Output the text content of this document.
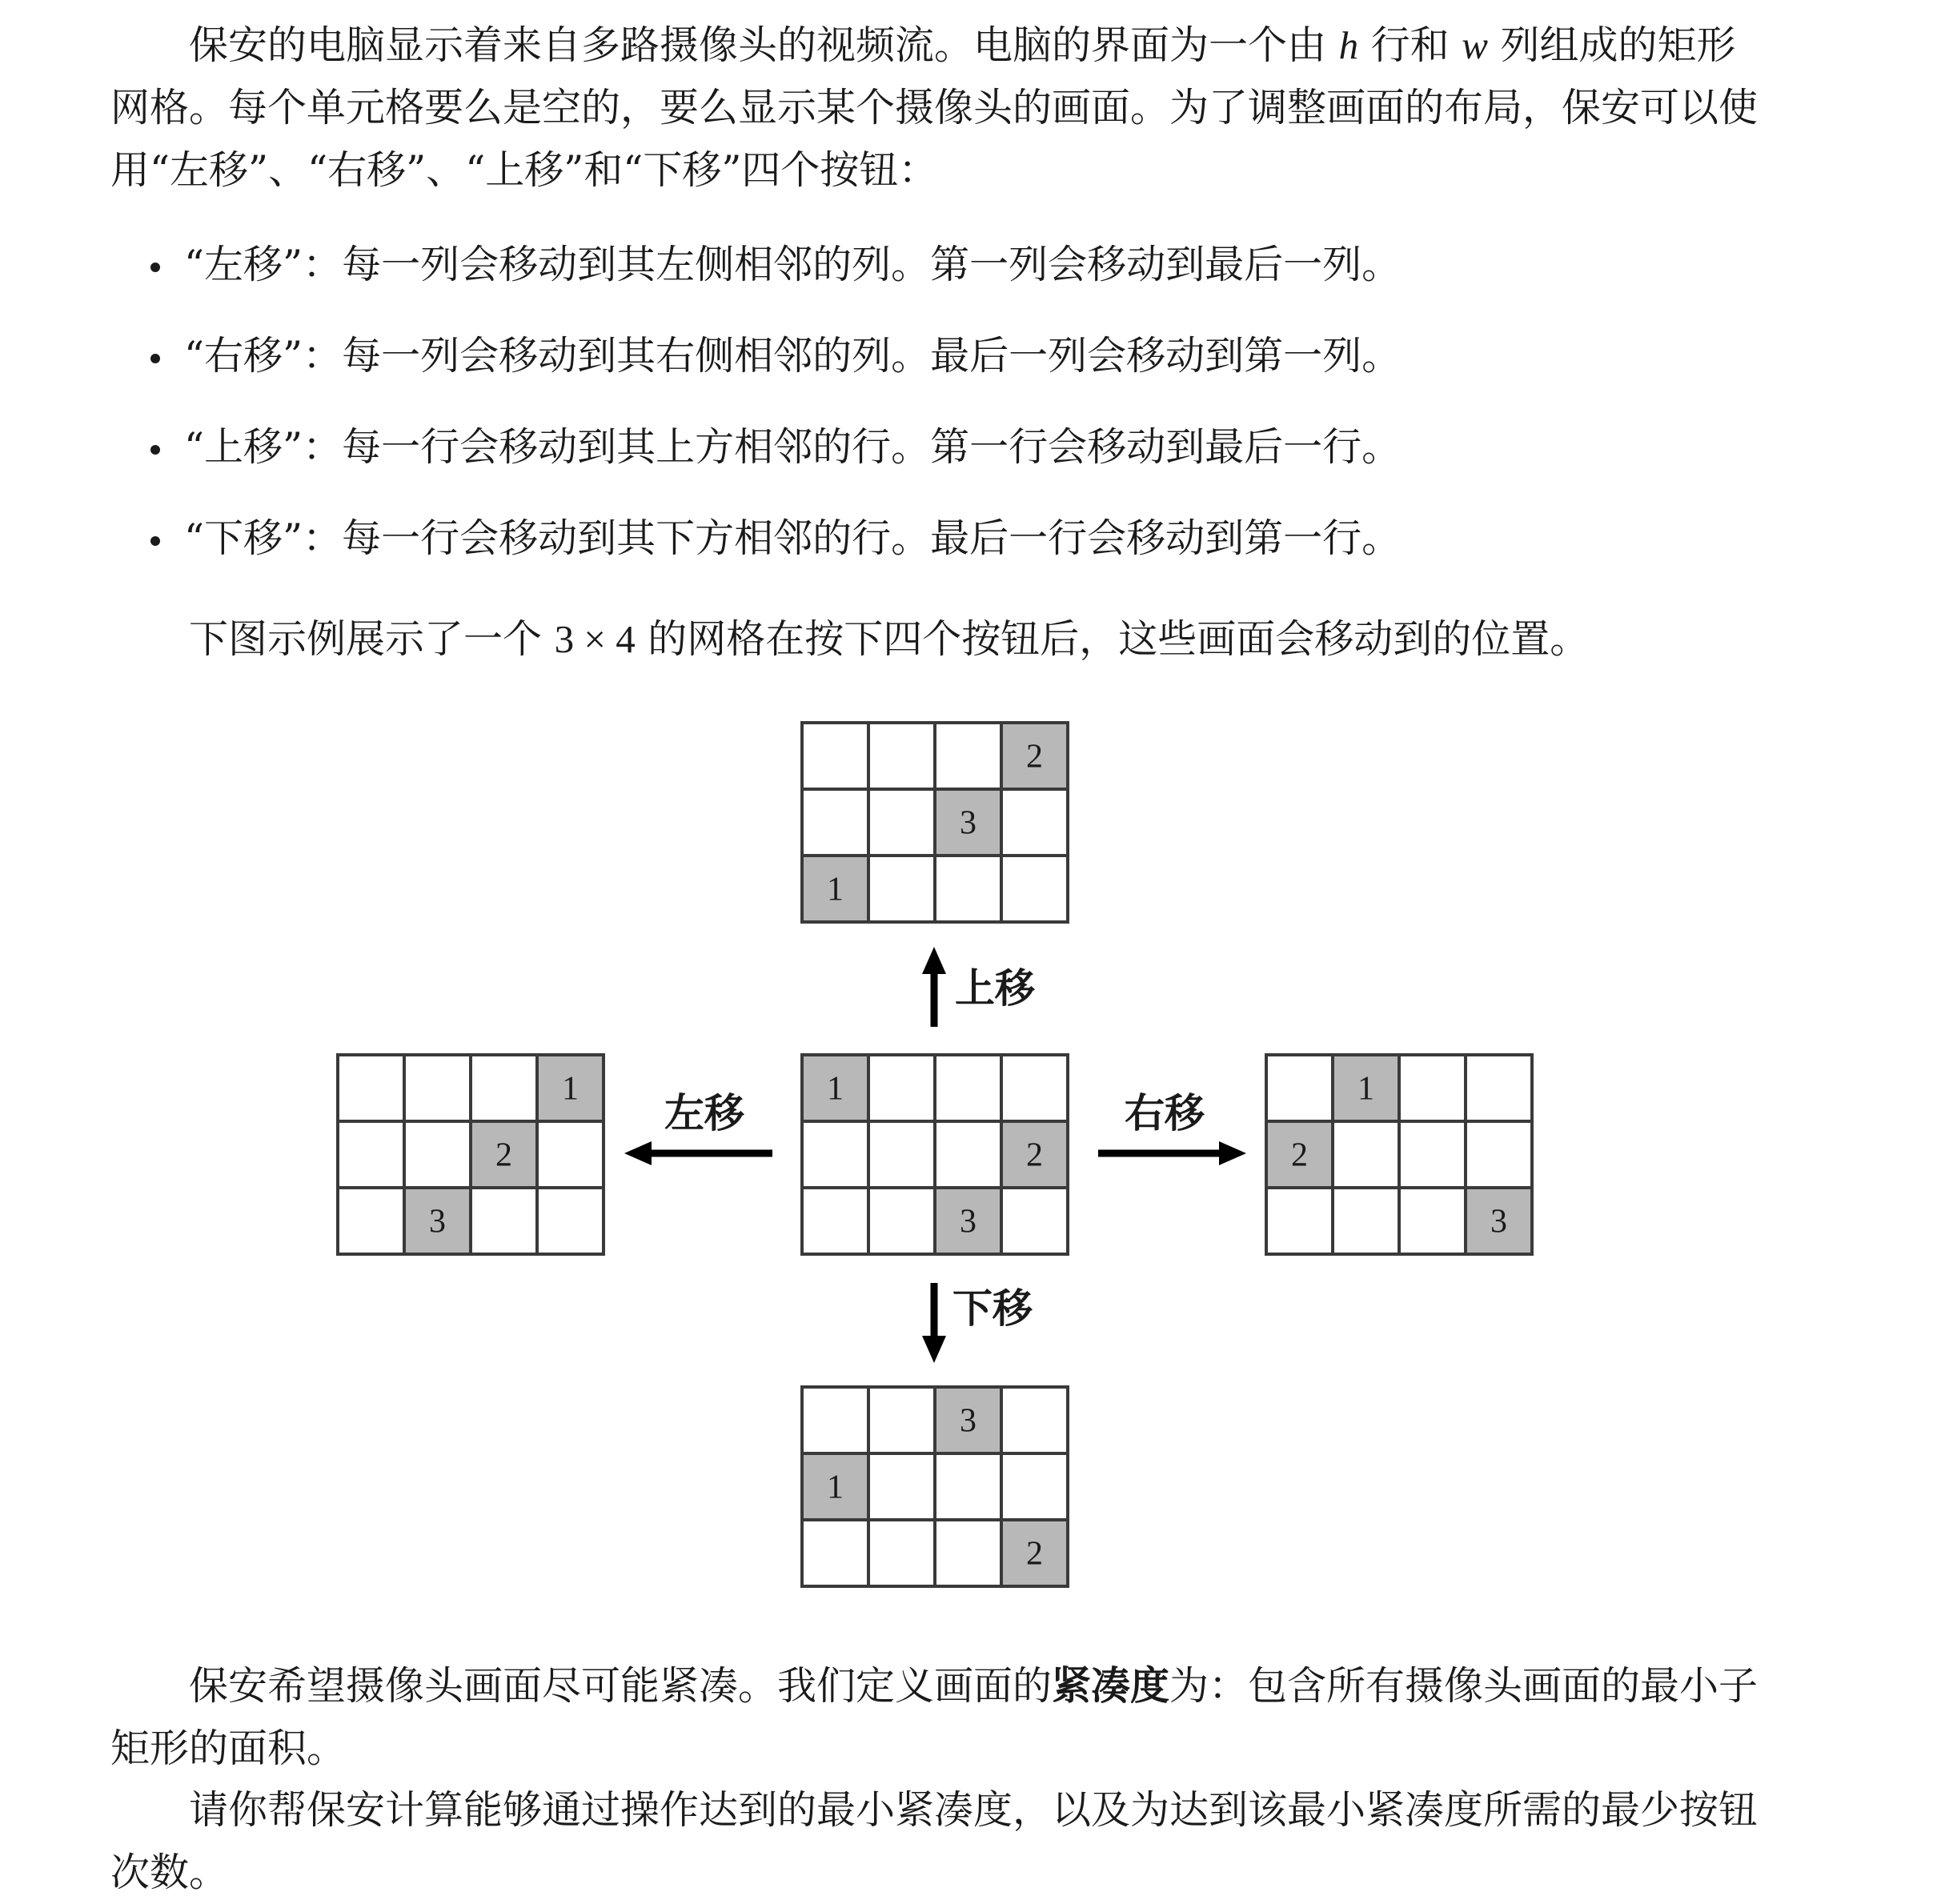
保安的电脑显示着来自多路摄像头的视频流。电脑的界面为一个由 h 行和 w 列组成的矩形网格。每个单元格要么是空的，要么显示某个摄像头的画面。为了调整画面的布局，保安可以使用“左移”、“右移”、“上移”和“下移”四个按钮：

“左移”：每一列会移动到其左侧相邻的列。第一列会移动到最后一列。
“右移”：每一列会移动到其右侧相邻的列。最后一列会移动到第一列。
“上移”：每一行会移动到其上方相邻的行。第一行会移动到最后一行。
“下移”：每一行会移动到其下方相邻的行。最后一行会移动到第一行。

下图示例展示了一个 3 × 4 的网格在按下四个按钮后，这些画面会移动到的位置。

2
3
1
1
2
3
1
2
3
1
2
3
3
1
2
上移
左移	右移
下移

保安希望摄像头画面尽可能紧凑。我们定义画面的紧凑度为：包含所有摄像头画面的最小子矩形的面积。

请你帮保安计算能够通过操作达到的最小紧凑度，以及为达到该最小紧凑度所需的最少按钮次数。
